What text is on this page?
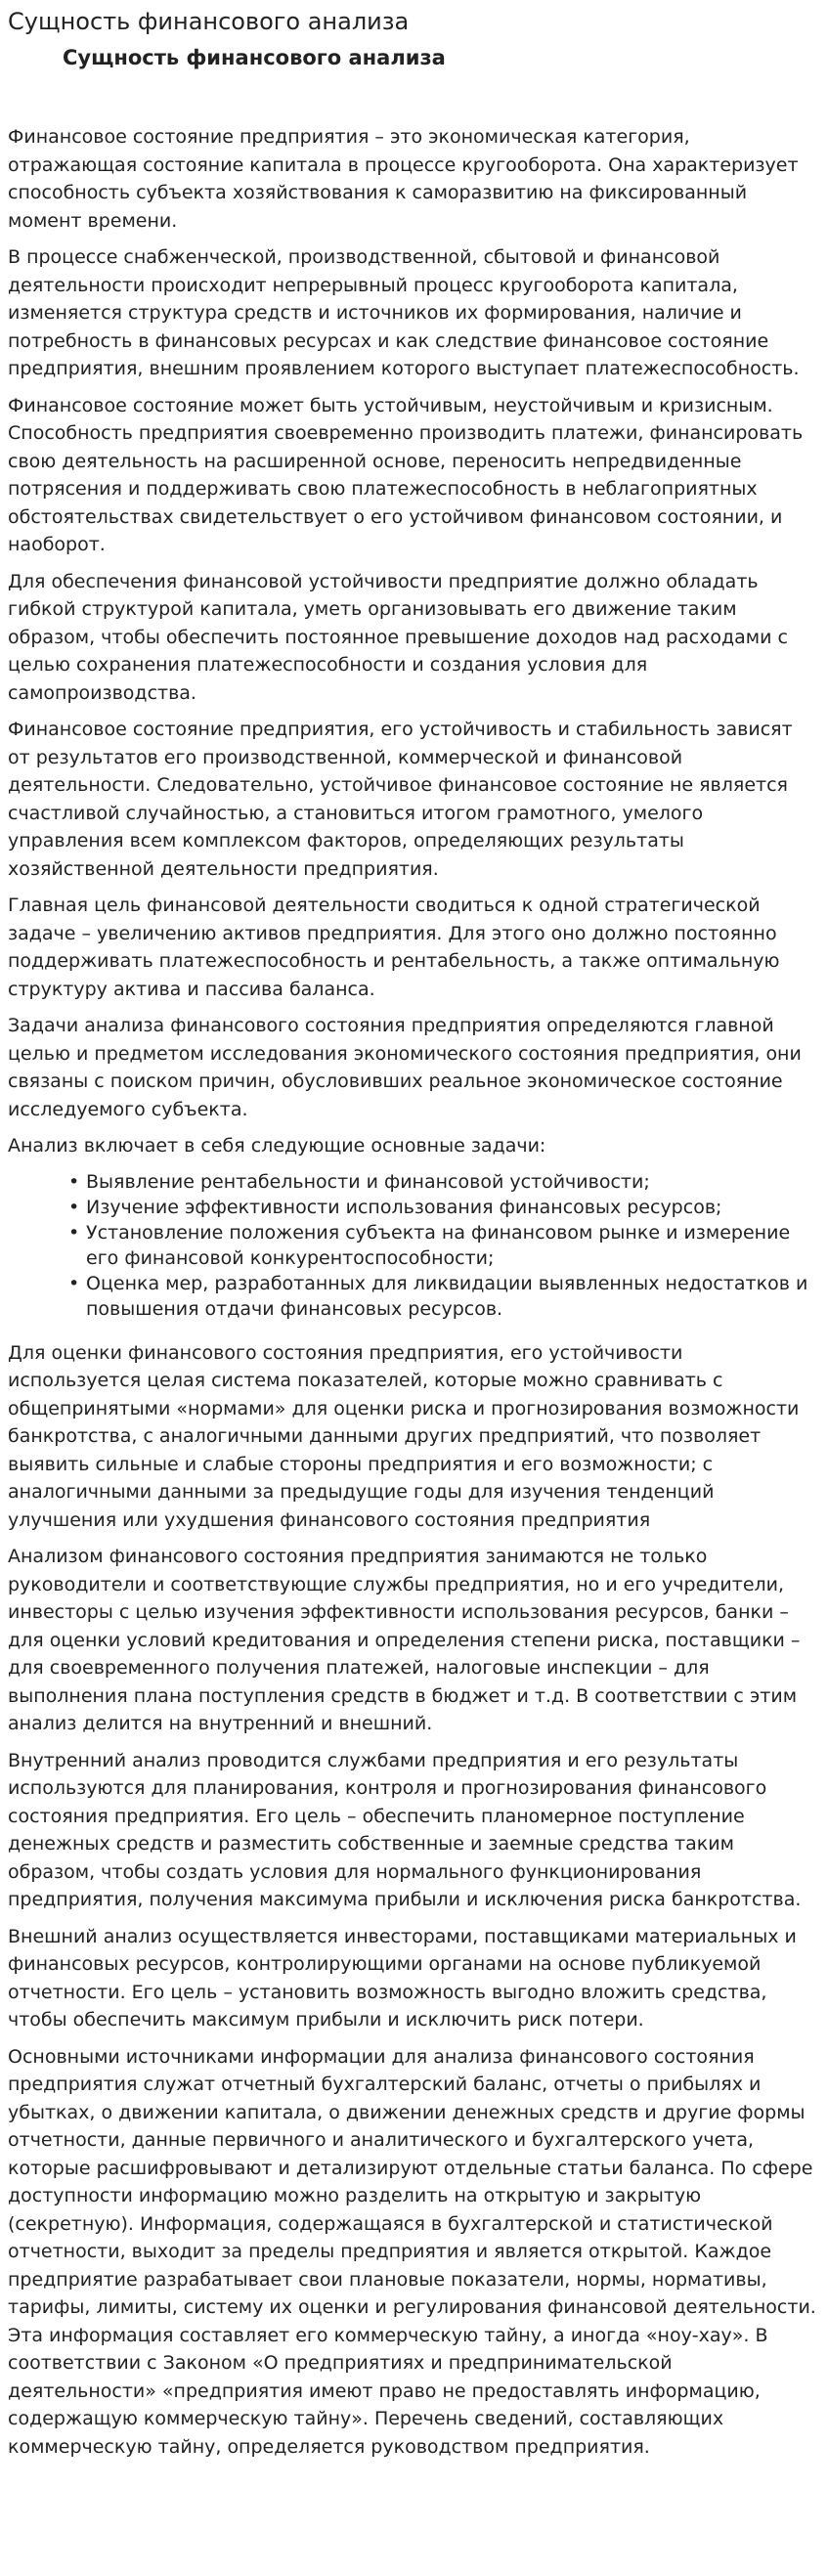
Сущность финансового анализа
Сущность финансового анализа

Финансовое состояние предприятия – это экономическая категория, отражающая состояние капитала в процессе кругооборота. Она характеризует способность субъекта хозяйствования к саморазвитию на фиксированный момент времени.

В процессе снабженческой, производственной, сбытовой и финансовой деятельности происходит непрерывный процесс кругооборота капитала, изменяется структура средств и источников их формирования, наличие и потребность в финансовых ресурсах и как следствие финансовое состояние предприятия, внешним проявлением которого выступает платежеспособность.

Финансовое состояние может быть устойчивым, неустойчивым и кризисным. Способность предприятия своевременно производить платежи, финансировать свою деятельность на расширенной основе, переносить непредвиденные потрясения и поддерживать свою платежеспособность в неблагоприятных обстоятельствах свидетельствует о его устойчивом финансовом состоянии, и наоборот.

Для обеспечения финансовой устойчивости предприятие должно обладать гибкой структурой капитала, уметь организовывать его движение таким образом, чтобы обеспечить постоянное превышение доходов над расходами с целью сохранения платежеспособности и создания условия для самопроизводства.

Финансовое состояние предприятия, его устойчивость и стабильность зависят от результатов его производственной, коммерческой и финансовой деятельности. Следовательно, устойчивое финансовое состояние не является счастливой случайностью, а становиться итогом грамотного, умелого управления всем комплексом факторов, определяющих результаты хозяйственной деятельности предприятия.

Главная цель финансовой деятельности сводиться к одной стратегической задаче – увеличению активов предприятия. Для этого оно должно постоянно поддерживать платежеспособность и рентабельность, а также оптимальную структуру актива и пассива баланса.

Задачи анализа финансового состояния предприятия определяются главной целью и предметом исследования экономического состояния предприятия, они связаны с поиском причин, обусловивших реальное экономическое состояние исследуемого субъекта.

Анализ включает в себя следующие основные задачи:

• Выявление рентабельности и финансовой устойчивости;
• Изучение эффективности использования финансовых ресурсов;
• Установление положения субъекта на финансовом рынке и измерение его финансовой конкурентоспособности;
• Оценка мер, разработанных для ликвидации выявленных недостатков и повышения отдачи финансовых ресурсов.

Для оценки финансового состояния предприятия, его устойчивости используется целая система показателей, которые можно сравнивать с общепринятыми «нормами» для оценки риска и прогнозирования возможности банкротства, с аналогичными данными других предприятий, что позволяет выявить сильные и слабые стороны предприятия и его возможности; с аналогичными данными за предыдущие годы для изучения тенденций улучшения или ухудшения финансового состояния предприятия

Анализом финансового состояния предприятия занимаются не только руководители и соответствующие службы предприятия, но и его учредители, инвесторы с целью изучения эффективности использования ресурсов, банки – для оценки условий кредитования и определения степени риска, поставщики – для своевременного получения платежей, налоговые инспекции – для выполнения плана поступления средств в бюджет и т.д. В соответствии с этим анализ делится на внутренний и внешний.

Внутренний анализ проводится службами предприятия и его результаты используются для планирования, контроля и прогнозирования финансового состояния предприятия. Его цель – обеспечить планомерное поступление денежных средств и разместить собственные и заемные средства таким образом, чтобы создать условия для нормального функционирования предприятия, получения максимума прибыли и исключения риска банкротства.

Внешний анализ осуществляется инвесторами, поставщиками материальных и финансовых ресурсов, контролирующими органами на основе публикуемой отчетности. Его цель – установить возможность выгодно вложить средства, чтобы обеспечить максимум прибыли и исключить риск потери.

Основными источниками информации для анализа финансового состояния предприятия служат отчетный бухгалтерский баланс, отчеты о прибылях и убытках, о движении капитала, о движении денежных средств и другие формы отчетности, данные первичного и аналитического и бухгалтерского учета, которые расшифровывают и детализируют отдельные статьи баланса. По сфере доступности информацию можно разделить на открытую и закрытую (секретную). Информация, содержащаяся в бухгалтерской и статистической отчетности, выходит за пределы предприятия и является открытой. Каждое предприятие разрабатывает свои плановые показатели, нормы, нормативы, тарифы, лимиты, систему их оценки и регулирования финансовой деятельности. Эта информация составляет его коммерческую тайну, а иногда «ноу-хау». В соответствии с Законом «О предприятиях и предпринимательской деятельности» «предприятия имеют право не предоставлять информацию, содержащую коммерческую тайну». Перечень сведений, составляющих коммерческую тайну, определяется руководством предприятия.
